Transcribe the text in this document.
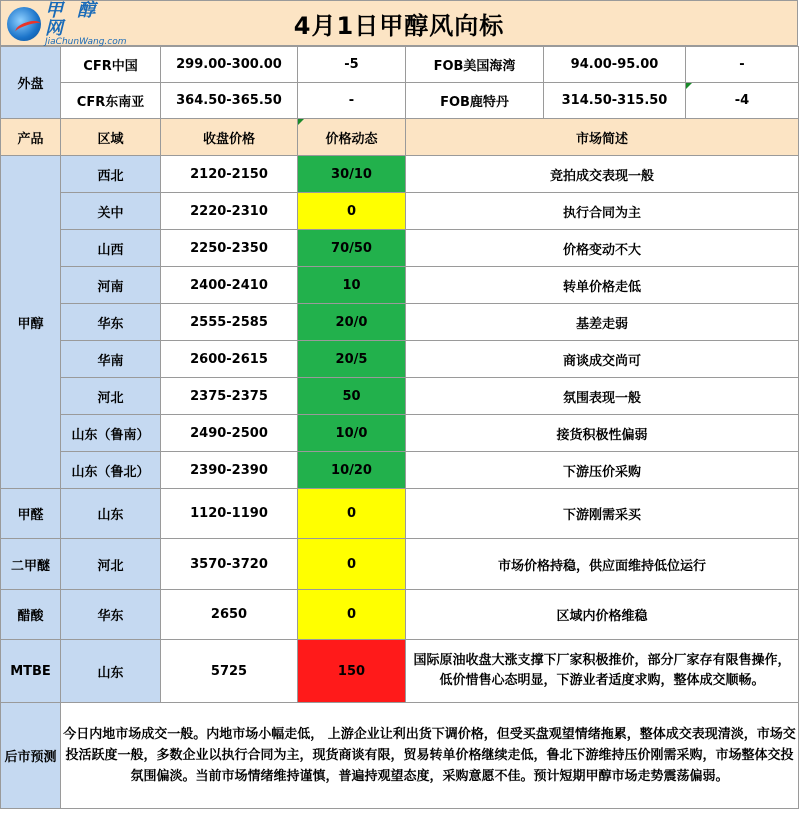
甲 醇 网
JiaChunWang.com
4月1日甲醇风向标
外盘	CFR中国	299.00-300.00	-5	FOB美国海湾	94.00-95.00	-
	CFR东南亚	364.50-365.50	-	FOB鹿特丹	314.50-315.50	-4
产品	区域	收盘价格	价格动态	市场简述		
甲醇	西北	2120-2150	30/10	竞拍成交表现一般		
	关中	2220-2310	0	执行合同为主		
	山西	2250-2350	70/50	价格变动不大		
	河南	2400-2410	10	转单价格走低		
	华东	2555-2585	20/0	基差走弱		
	华南	2600-2615	20/5	商谈成交尚可		
	河北	2375-2375	50	氛围表现一般		
	山东（鲁南）	2490-2500	10/0	接货积极性偏弱		
	山东（鲁北）	2390-2390	10/20	下游压价采购		
甲醛	山东	1120-1190	0	下游刚需采买		
二甲醚	河北	3570-3720	0	市场价格持稳，供应面维持低位运行		
醋酸	华东	2650	0	区域内价格维稳		
MTBE	山东	5725	150	国际原油收盘大涨支撑下厂家积极推价，部分厂家存有限售操作，低价惜售心态明显，下游业者适度求购，整体成交顺畅。		
后市预测	今日内地市场成交一般。内地市场小幅走低， 上游企业让利出货下调价格，但受买盘观望情绪拖累，整体成交表现清淡，市场交投活跃度一般，多数企业以执行合同为主，现货商谈有限，贸易转单价格继续走低，鲁北下游维持压价刚需采购，市场整体交投氛围偏淡。当前市场情绪维持谨慎，普遍持观望态度，采购意愿不佳。预计短期甲醇市场走势震荡偏弱。					
